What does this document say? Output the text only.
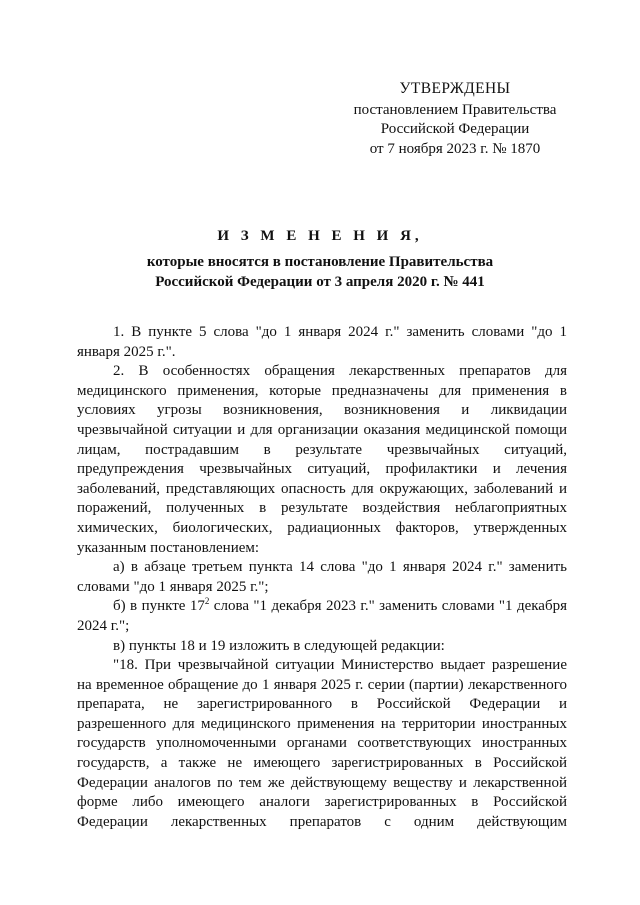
УТВЕРЖДЕНЫ
постановлением Правительства
Российской Федерации
от 7 ноября 2023 г. № 1870
И З М Е Н Е Н И Я,
которые вносятся в постановление Правительства
Российской Федерации от 3 апреля 2020 г. № 441

1. В пункте 5 слова "до 1 января 2024 г." заменить словами "до 1 января 2025 г.".

2. В особенностях обращения лекарственных препаратов для медицинского применения, которые предназначены для применения в условиях угрозы возникновения, возникновения и ликвидации чрезвычайной ситуации и для организации оказания медицинской помощи лицам, пострадавшим в результате чрезвычайных ситуаций, предупреждения чрезвычайных ситуаций, профилактики и лечения заболеваний, представляющих опасность для окружающих, заболеваний и поражений, полученных в результате воздействия неблагоприятных химических, биологических, радиационных факторов, утвержденных указанным постановлением:

а) в абзаце третьем пункта 14 слова "до 1 января 2024 г." заменить словами "до 1 января 2025 г.";

б) в пункте $17^2$ слова "1 декабря 2023 г." заменить словами "1 декабря 2024 г.";

в) пункты 18 и 19 изложить в следующей редакции:

"18. При чрезвычайной ситуации Министерство выдает разрешение на временное обращение до 1 января 2025 г. серии (партии) лекарственного препарата, не зарегистрированного в Российской Федерации и разрешенного для медицинского применения на территории иностранных государств уполномоченными органами соответствующих иностранных государств, а также не имеющего зарегистрированных в Российской Федерации аналогов по тем же действующему веществу и лекарственной форме либо имеющего аналоги зарегистрированных в Российской Федерации лекарственных препаратов с одним действующим
